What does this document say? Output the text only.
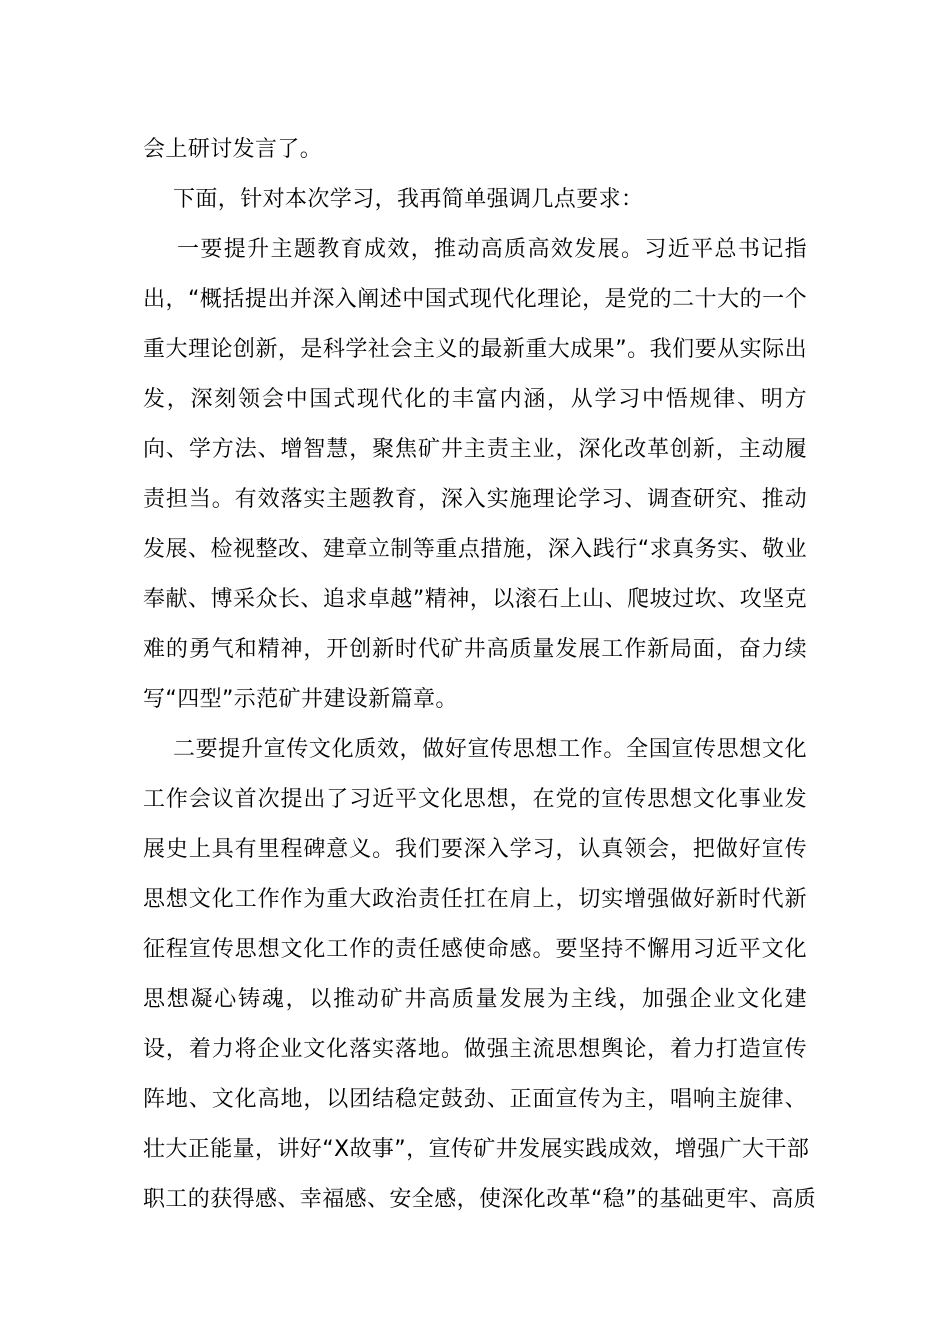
会上研讨发言了。
下面，针对本次学习，我再简单强调几点要求：
一要提升主题教育成效，推动高质高效发展。习近平总书记指
出，“概括提出并深入阐述中国式现代化理论，是党的二十大的一个
重大理论创新，是科学社会主义的最新重大成果”。我们要从实际出
发，深刻领会中国式现代化的丰富内涵，从学习中悟规律、明方
向、学方法、增智慧，聚焦矿井主责主业，深化改革创新，主动履
责担当。有效落实主题教育，深入实施理论学习、调查研究、推动
发展、检视整改、建章立制等重点措施，深入践行“求真务实、敬业
奉献、博采众长、追求卓越”精神，以滚石上山、爬坡过坎、攻坚克
难的勇气和精神，开创新时代矿井高质量发展工作新局面，奋力续
写“四型”示范矿井建设新篇章。
二要提升宣传文化质效，做好宣传思想工作。全国宣传思想文化
工作会议首次提出了习近平文化思想，在党的宣传思想文化事业发
展史上具有里程碑意义。我们要深入学习，认真领会，把做好宣传
思想文化工作作为重大政治责任扛在肩上，切实增强做好新时代新
征程宣传思想文化工作的责任感使命感。要坚持不懈用习近平文化
思想凝心铸魂，以推动矿井高质量发展为主线，加强企业文化建
设，着力将企业文化落实落地。做强主流思想舆论，着力打造宣传
阵地、文化高地，以团结稳定鼓劲、正面宣传为主，唱响主旋律、
壮大正能量，讲好“X故事”，宣传矿井发展实践成效，增强广大干部
职工的获得感、幸福感、安全感，使深化改革“稳”的基础更牢、高质
